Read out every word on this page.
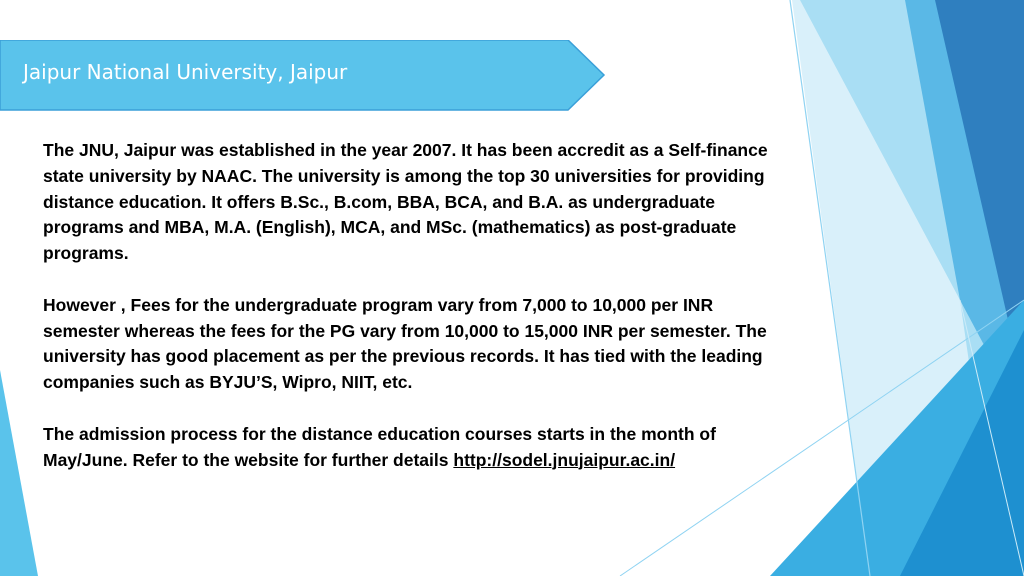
Jaipur National University, Jaipur

The JNU, Jaipur was established in the year 2007. It has been accredit as a Self-finance state university by NAAC. The university is among the top 30 universities for providing distance education. It offers B.Sc., B.com, BBA, BCA, and B.A. as undergraduate programs and MBA, M.A. (English), MCA, and MSc. (mathematics) as post-graduate programs.

However , Fees for the undergraduate program vary from 7,000 to 10,000 per INR semester whereas the fees for the PG vary from 10,000 to 15,000 INR per semester. The university has good placement as per the previous records. It has tied with the leading companies such as BYJU’S, Wipro, NIIT, etc.

The admission process for the distance education courses starts in the month of May/June. Refer to the website for further details http://sodel.jnujaipur.ac.in/
